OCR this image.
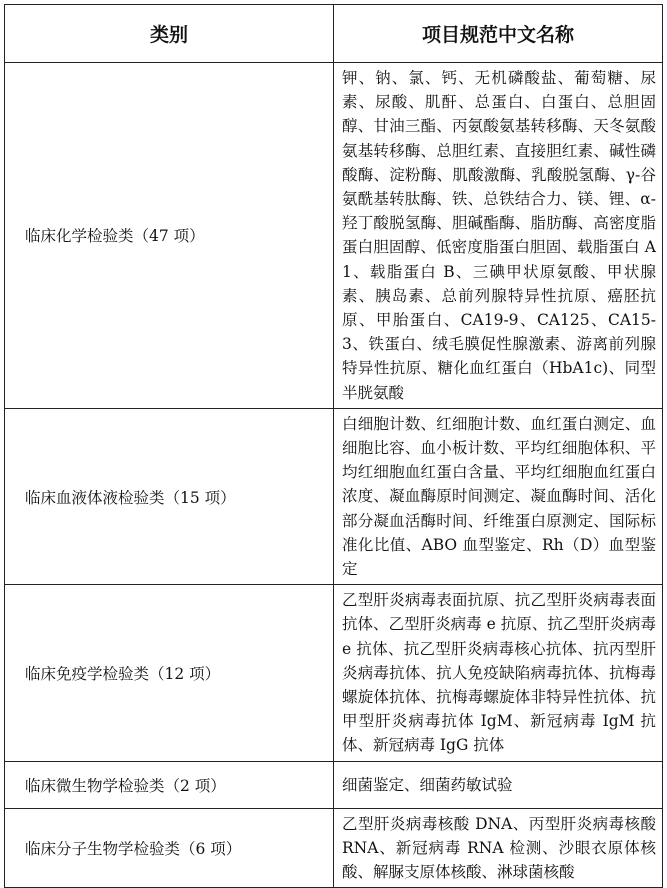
类别	项目规范中文名称
临床化学检验类（47 项）	钾、钠、氯、钙、无机磷酸盐、葡萄糖、尿素、尿酸、肌酐、总蛋白、白蛋白、总胆固醇、甘油三酯、丙氨酸氨基转移酶、天冬氨酸氨基转移酶、总胆红素、直接胆红素、碱性磷酸酶、淀粉酶、肌酸激酶、乳酸脱氢酶、γ-谷氨酰基转肽酶、铁、总铁结合力、镁、锂、α-羟丁酸脱氢酶、胆碱酯酶、脂肪酶、高密度脂蛋白胆固醇、低密度脂蛋白胆固、载脂蛋白 A1、载脂蛋白 B、三碘甲状原氨酸、甲状腺素、胰岛素、总前列腺特异性抗原、癌胚抗原、甲胎蛋白、CA19-9、CA125、CA15-3、铁蛋白、绒毛膜促性腺激素、游离前列腺特异性抗原、糖化血红蛋白（HbA1c)、同型半胱氨酸
临床血液体液检验类（15 项）	白细胞计数、红细胞计数、血红蛋白测定、血细胞比容、血小板计数、平均红细胞体积、平均红细胞血红蛋白含量、平均红细胞血红蛋白浓度、凝血酶原时间测定、凝血酶时间、活化部分凝血活酶时间、纤维蛋白原测定、国际标准化比值、ABO 血型鉴定、Rh（D）血型鉴定
临床免疫学检验类（12 项）	乙型肝炎病毒表面抗原、抗乙型肝炎病毒表面抗体、乙型肝炎病毒 e 抗原、抗乙型肝炎病毒 e 抗体、抗乙型肝炎病毒核心抗体、抗丙型肝炎病毒抗体、抗人免疫缺陷病毒抗体、抗梅毒螺旋体抗体、抗梅毒螺旋体非特异性抗体、抗甲型肝炎病毒抗体 IgM、新冠病毒 IgM 抗体、新冠病毒 IgG 抗体
临床微生物学检验类（2 项）	细菌鉴定、细菌药敏试验
临床分子生物学检验类（6 项）	乙型肝炎病毒核酸 DNA、丙型肝炎病毒核酸 RNA、新冠病毒 RNA 检测、沙眼衣原体核酸、解脲支原体核酸、淋球菌核酸
